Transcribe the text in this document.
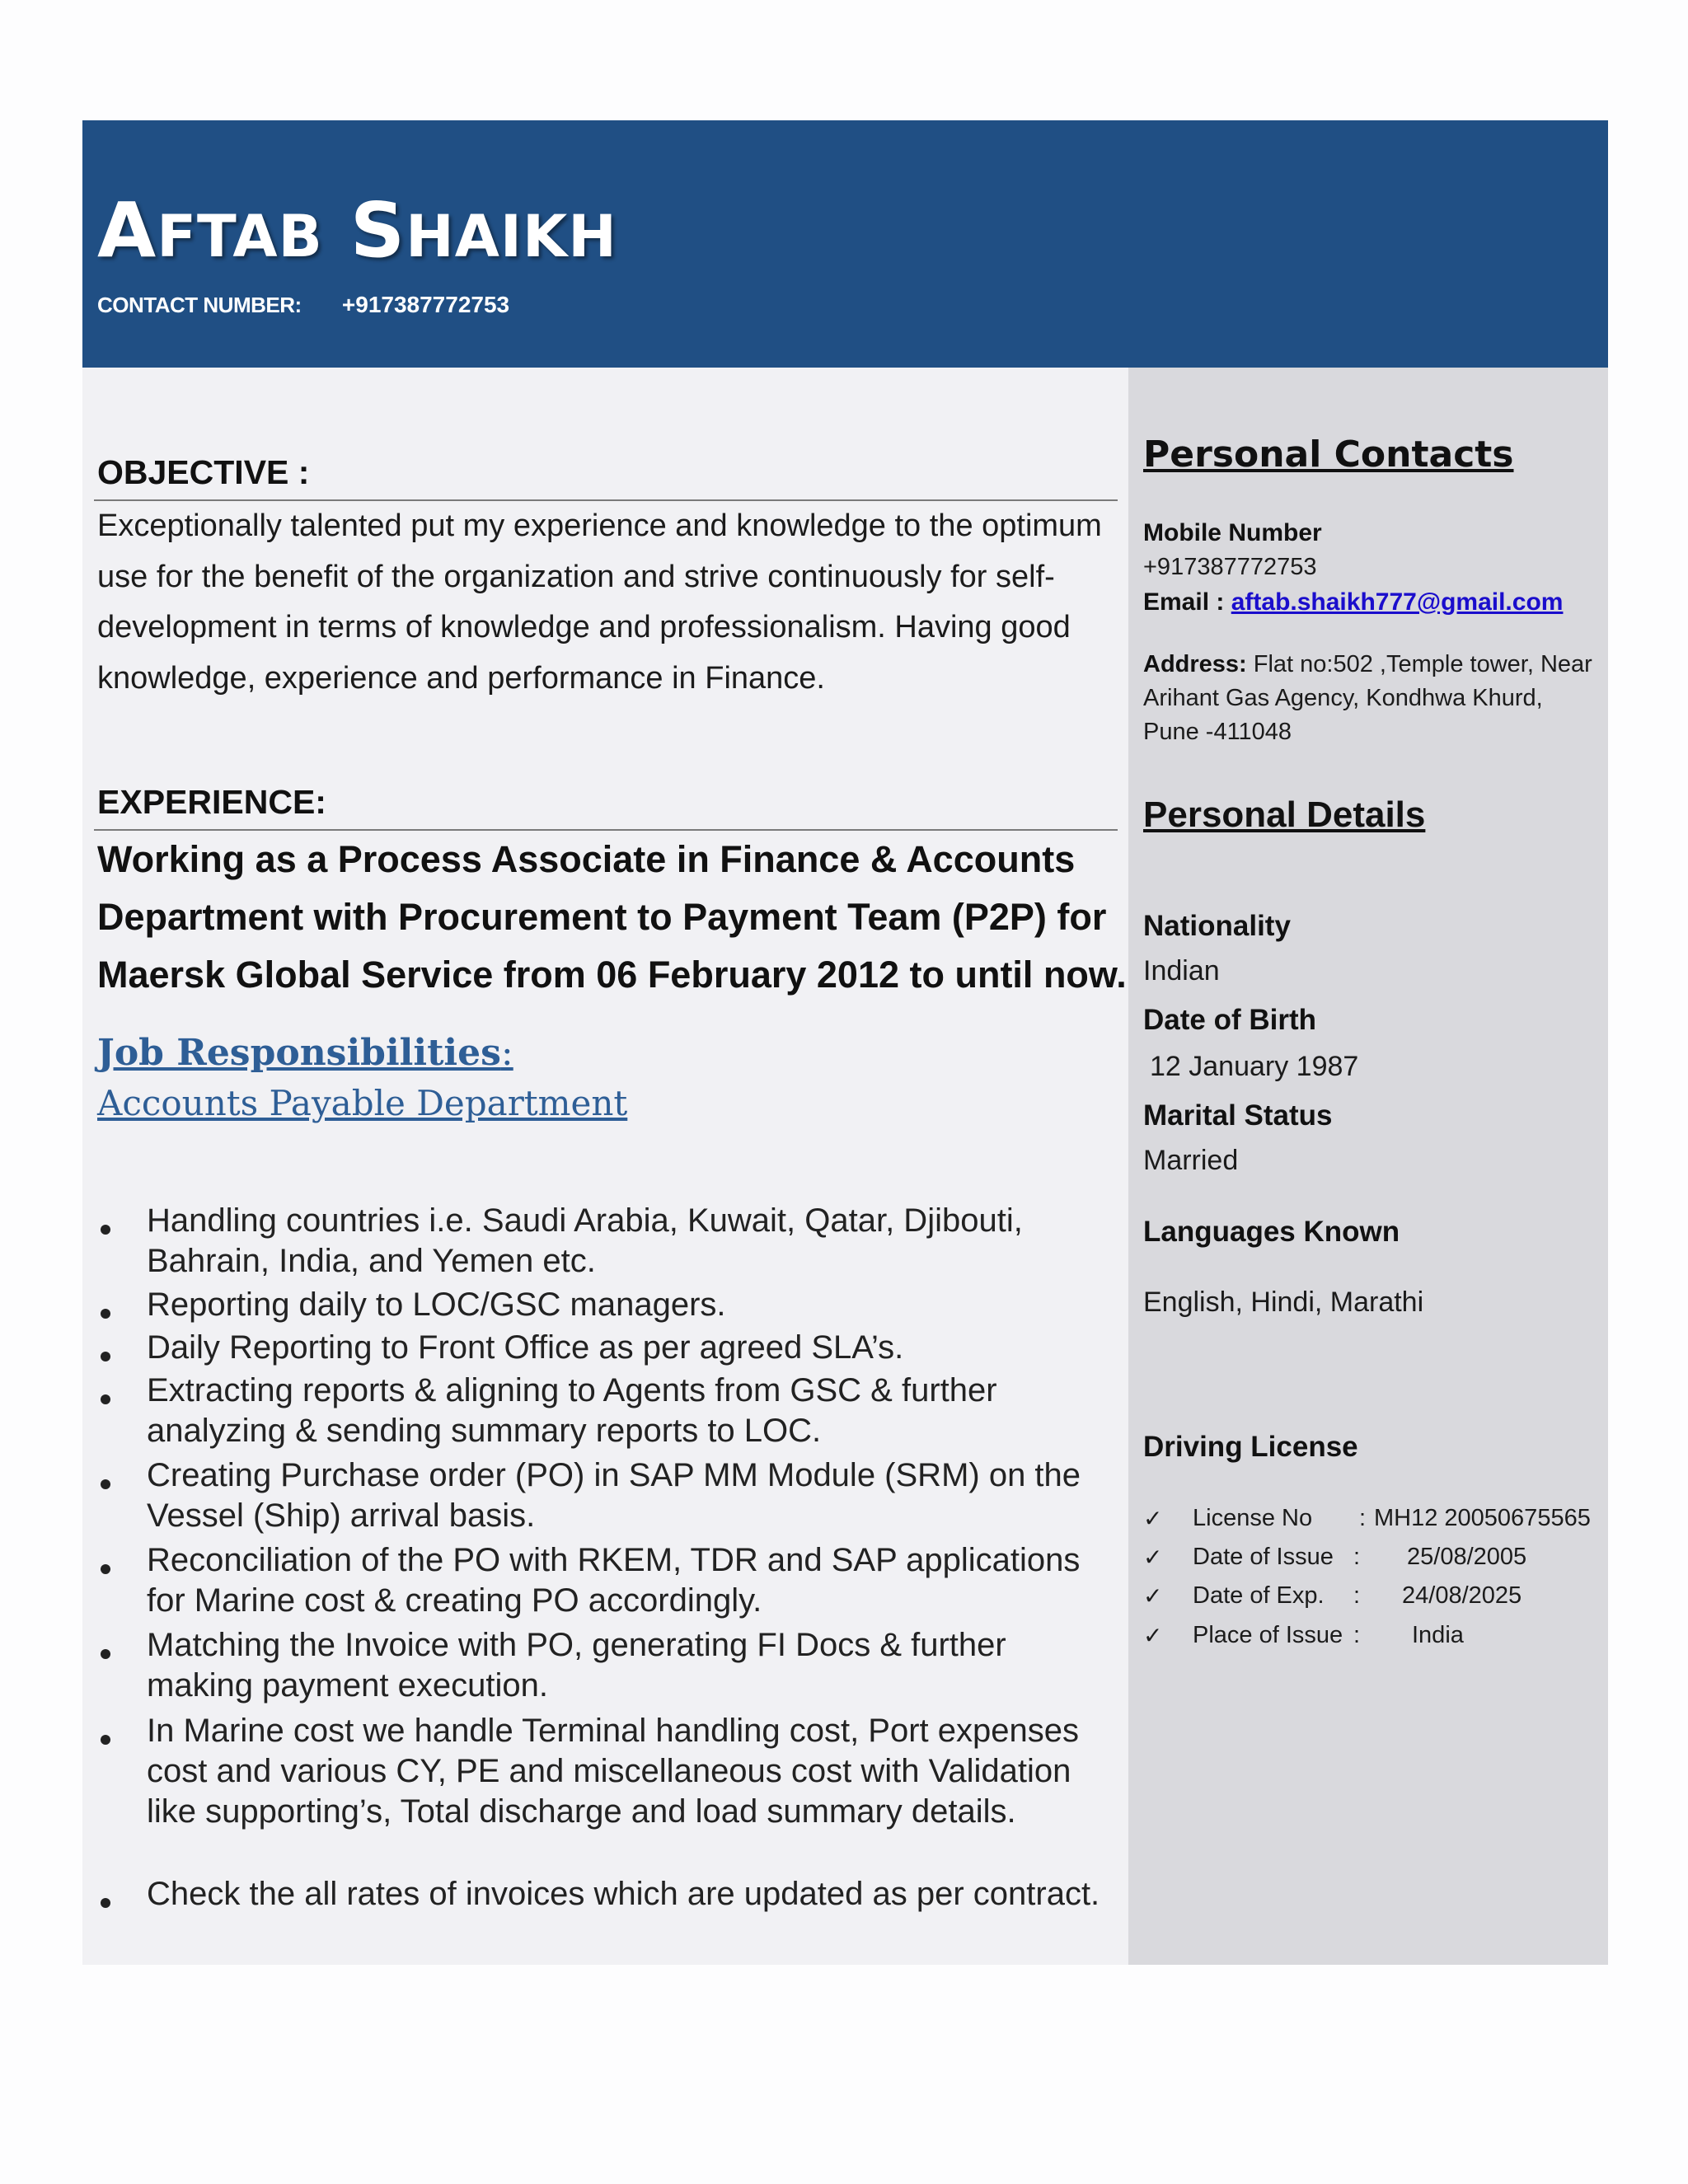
AFTAB SHAIKH
CONTACT NUMBER: +917387772753
OBJECTIVE :
Exceptionally talented put my experience and knowledge to the optimum use for the benefit of the organization and strive continuously for self-development in terms of knowledge and professionalism. Having good knowledge, experience and performance in Finance.
EXPERIENCE:
Working as a Process Associate in Finance & Accounts Department with Procurement to Payment Team (P2P) for Maersk Global Service from 06 February 2012 to until now.
Job Responsibilities:
Accounts Payable Department
Handling countries i.e. Saudi Arabia, Kuwait, Qatar, Djibouti, Bahrain, India, and Yemen etc.
Reporting daily to LOC/GSC managers.
Daily Reporting to Front Office as per agreed SLA’s.
Extracting reports & aligning to Agents from GSC & further analyzing & sending summary reports to LOC.
Creating Purchase order (PO) in SAP MM Module (SRM) on the Vessel (Ship) arrival basis.
Reconciliation of the PO with RKEM, TDR and SAP applications for Marine cost & creating PO accordingly.
Matching the Invoice with PO, generating FI Docs & further making payment execution.
In Marine cost we handle Terminal handling cost, Port expenses cost and various CY, PE and miscellaneous cost with Validation like supporting’s, Total discharge and load summary details.
Check the all rates of invoices which are updated as per contract.
Personal Contacts
Mobile Number
+917387772753
Email : aftab.shaikh777@gmail.com
Address: Flat no:502 ,Temple tower, Near Arihant Gas Agency, Kondhwa Khurd, Pune -411048
Personal Details
Nationality
Indian
Date of Birth
12 January 1987
Marital Status
Married
Languages Known
English, Hindi, Marathi
Driving License
✓ License No : MH12 20050675565
✓ Date of Issue : 25/08/2005
✓ Date of Exp. : 24/08/2025
✓ Place of Issue : India
